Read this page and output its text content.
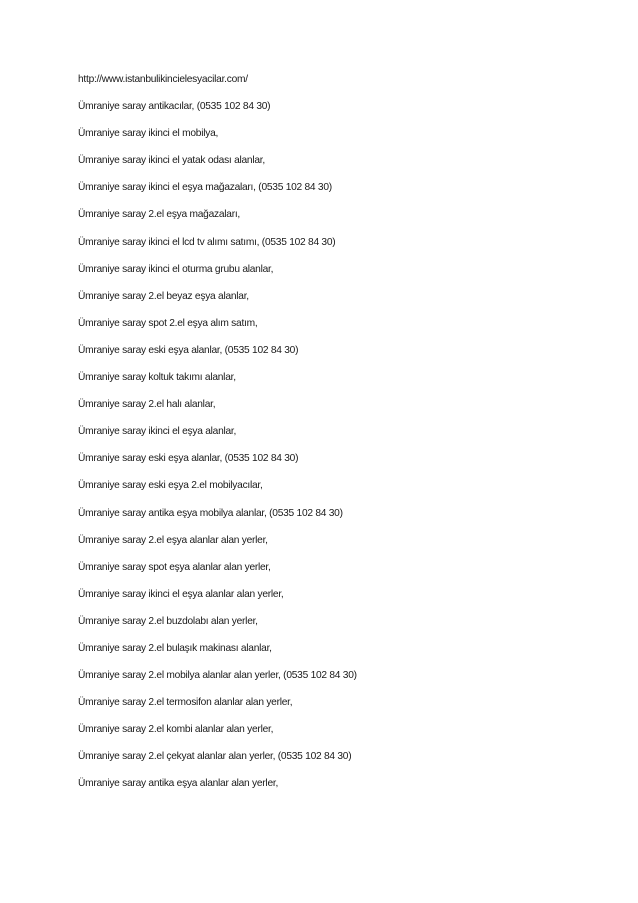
http://www.istanbulikincielesyacilar.com/
Ümraniye saray antikacılar, (0535 102 84 30)
Ümraniye saray ikinci el mobilya,
Ümraniye saray ikinci el yatak odası alanlar,
Ümraniye saray ikinci el eşya mağazaları, (0535 102 84 30)
Ümraniye saray 2.el eşya mağazaları,
Ümraniye saray ikinci el lcd tv alımı satımı, (0535 102 84 30)
Ümraniye saray ikinci el oturma grubu alanlar,
Ümraniye saray 2.el beyaz eşya alanlar,
Ümraniye saray spot 2.el eşya alım satım,
Ümraniye saray eski eşya alanlar, (0535 102 84 30)
Ümraniye saray koltuk takımı alanlar,
Ümraniye saray 2.el halı alanlar,
Ümraniye saray ikinci el eşya alanlar,
Ümraniye saray eski eşya alanlar, (0535 102 84 30)
Ümraniye saray eski eşya 2.el mobilyacılar,
Ümraniye saray antika eşya mobilya alanlar, (0535 102 84 30)
Ümraniye saray 2.el eşya alanlar alan yerler,
Ümraniye saray spot eşya alanlar alan yerler,
Ümraniye saray ikinci el eşya alanlar alan yerler,
Ümraniye saray 2.el buzdolabı alan yerler,
Ümraniye saray 2.el bulaşık makinası alanlar,
Ümraniye saray 2.el mobilya alanlar alan yerler, (0535 102 84 30)
Ümraniye saray 2.el termosifon alanlar alan yerler,
Ümraniye saray 2.el kombi alanlar alan yerler,
Ümraniye saray 2.el çekyat alanlar alan yerler, (0535 102 84 30)
Ümraniye saray antika eşya alanlar alan yerler,
